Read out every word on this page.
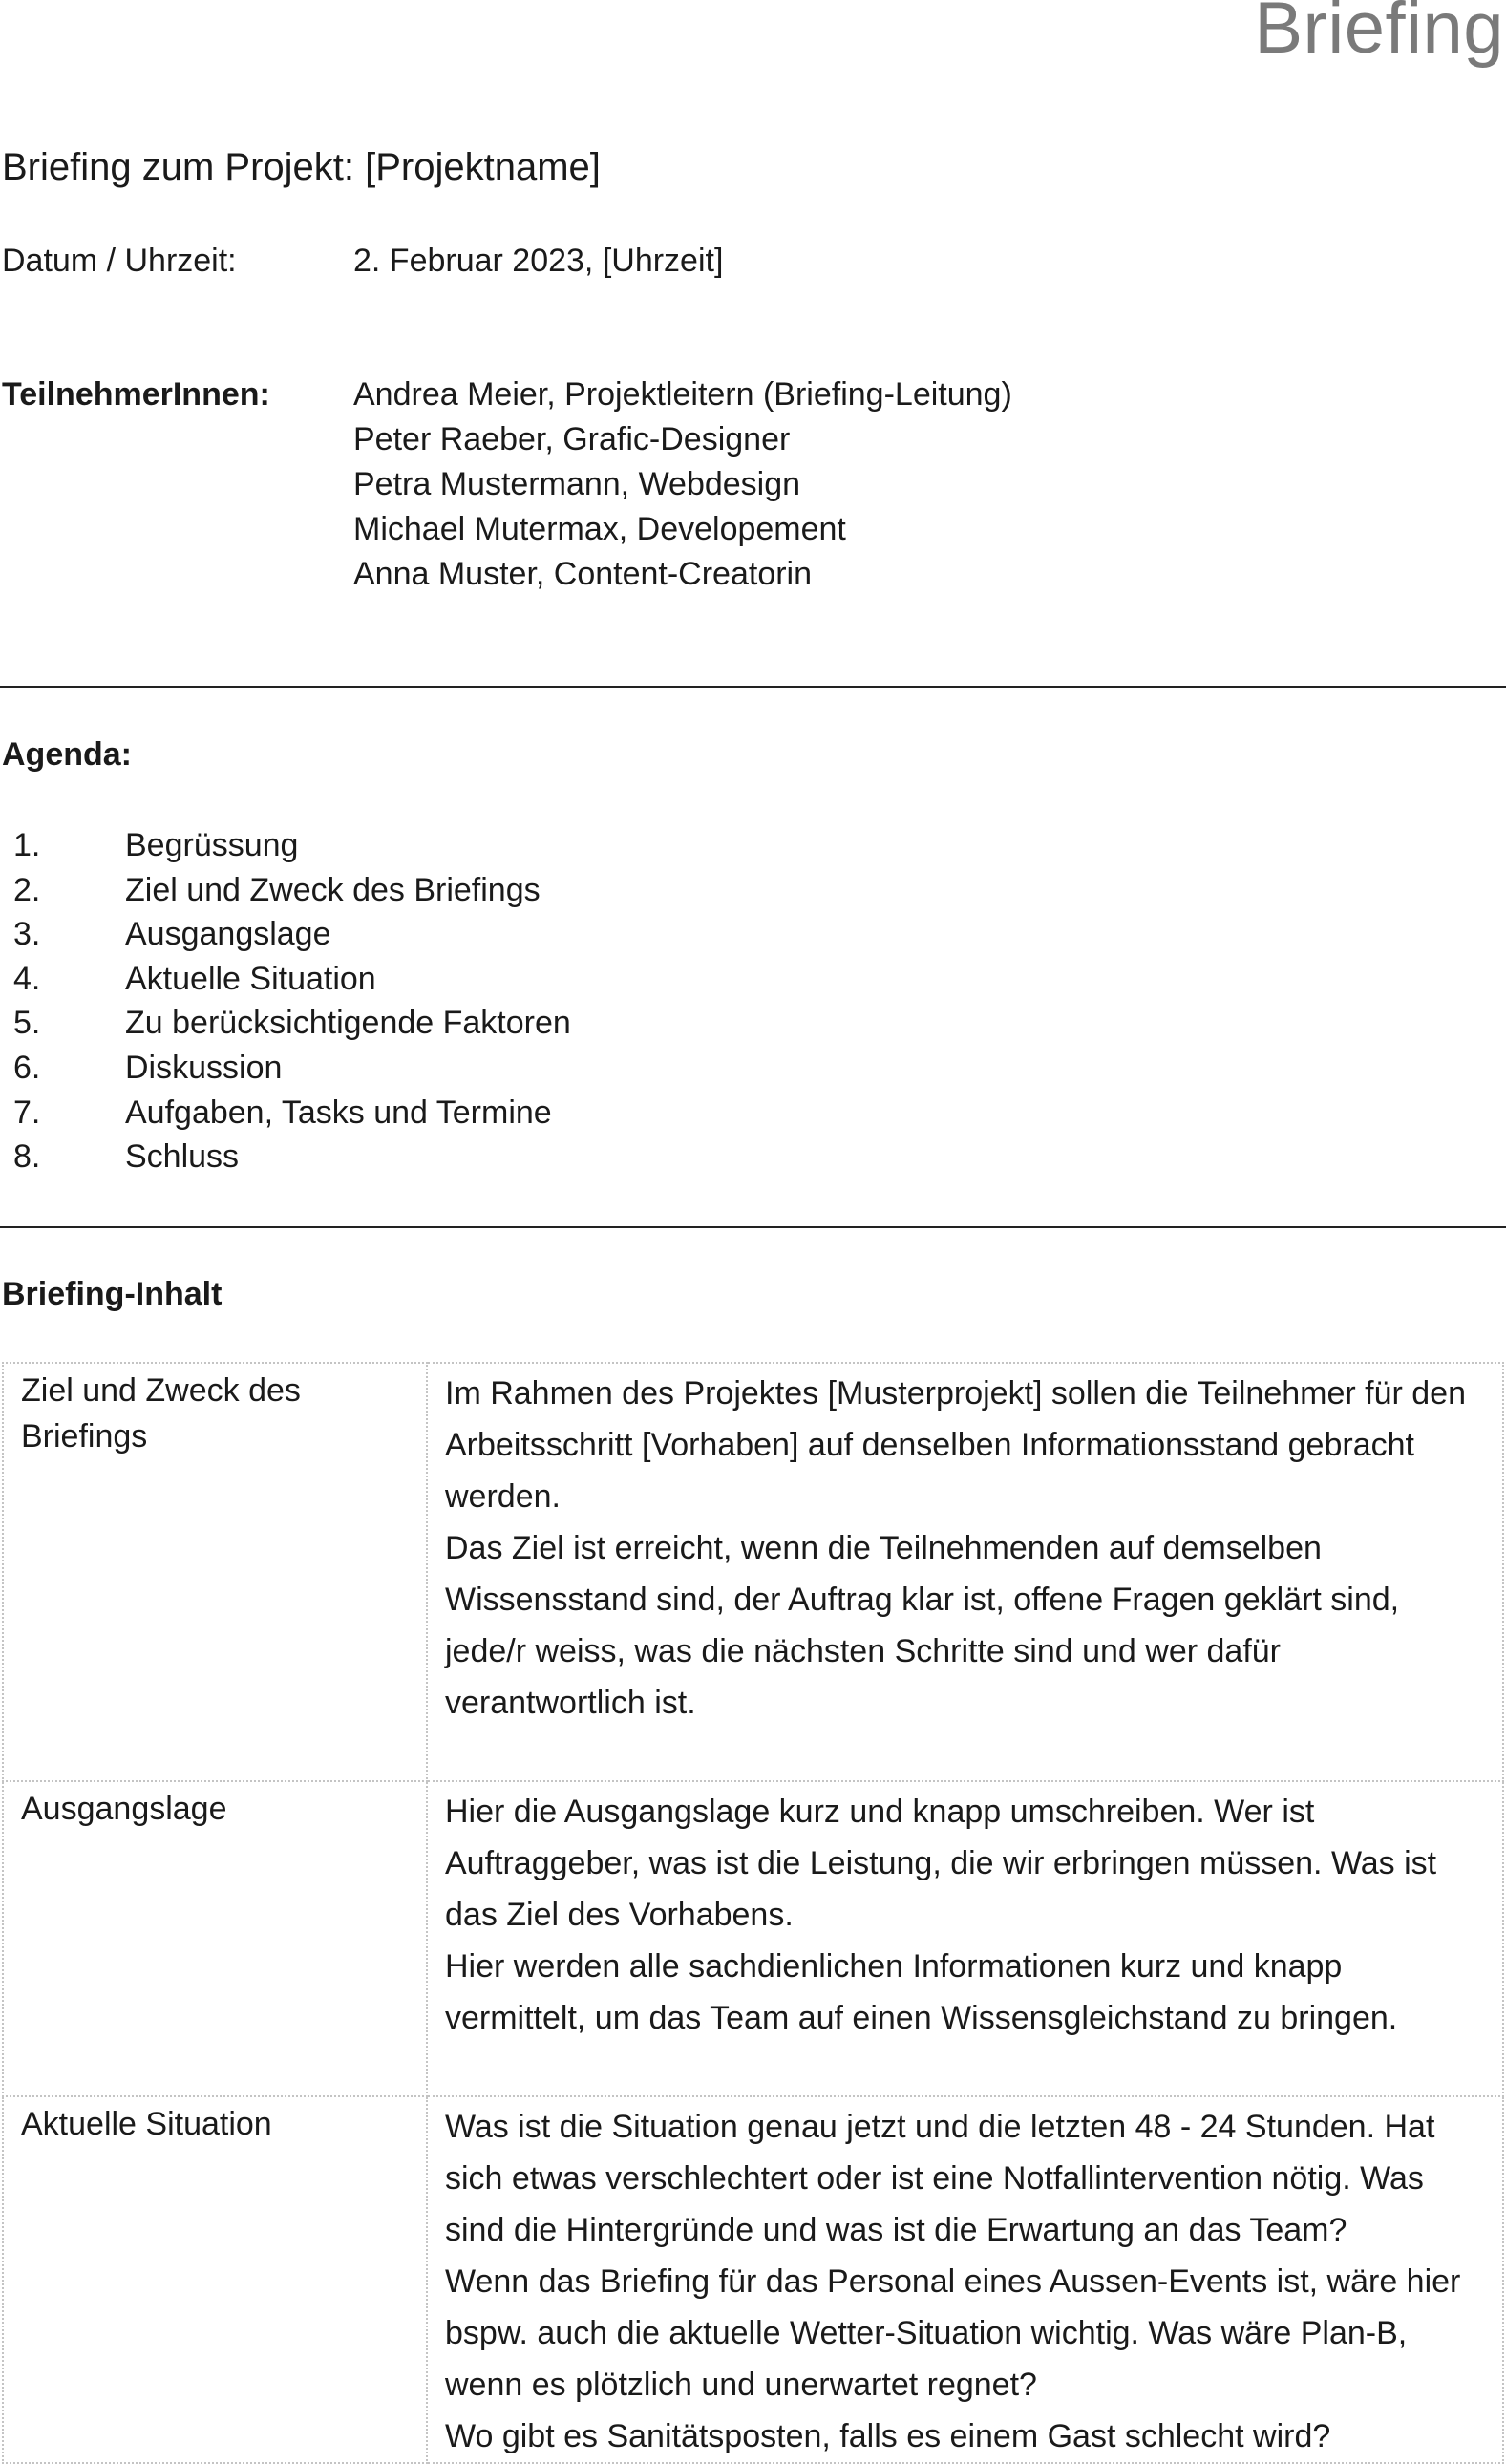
Briefing
Briefing zum Projekt: [Projektname]
Datum / Uhrzeit:	2. Februar 2023, [Uhrzeit]
TeilnehmerInnen:	Andrea Meier, Projektleitern (Briefing-Leitung)
Peter Raeber, Grafic-Designer
Petra Mustermann, Webdesign
Michael Mutermax, Developement
Anna Muster, Content-Creatorin
Agenda:
1.	Begrüssung
2.	Ziel und Zweck des Briefings
3.	Ausgangslage
4.	Aktuelle Situation
5.	Zu berücksichtigende Faktoren
6.	Diskussion
7.	Aufgaben, Tasks und Termine
8.	Schluss
Briefing-Inhalt
Ziel und Zweck des Briefings	Im Rahmen des Projektes [Musterprojekt] sollen die Teilnehmer für den Arbeitsschritt [Vorhaben] auf denselben Informationsstand gebracht werden.
Das Ziel ist erreicht, wenn die Teilnehmenden auf demselben Wissensstand sind, der Auftrag klar ist, offene Fragen geklärt sind, jede/r weiss, was die nächsten Schritte sind und wer dafür verantwortlich ist.

Ausgangslage	Hier die Ausgangslage kurz und knapp umschreiben. Wer ist Auftraggeber, was ist die Leistung, die wir erbringen müssen. Was ist das Ziel des Vorhabens.
Hier werden alle sachdienlichen Informationen kurz und knapp vermittelt, um das Team auf einen Wissensgleichstand zu bringen.

Aktuelle Situation	Was ist die Situation genau jetzt und die letzten 48 - 24 Stunden. Hat sich etwas verschlechtert oder ist eine Notfallintervention nötig. Was sind die Hintergründe und was ist die Erwartung an das Team?
Wenn das Briefing für das Personal eines Aussen-Events ist, wäre hier bspw. auch die aktuelle Wetter-Situation wichtig. Was wäre Plan-B, wenn es plötzlich und unerwartet regnet?
Wo gibt es Sanitätsposten, falls es einem Gast schlecht wird?
